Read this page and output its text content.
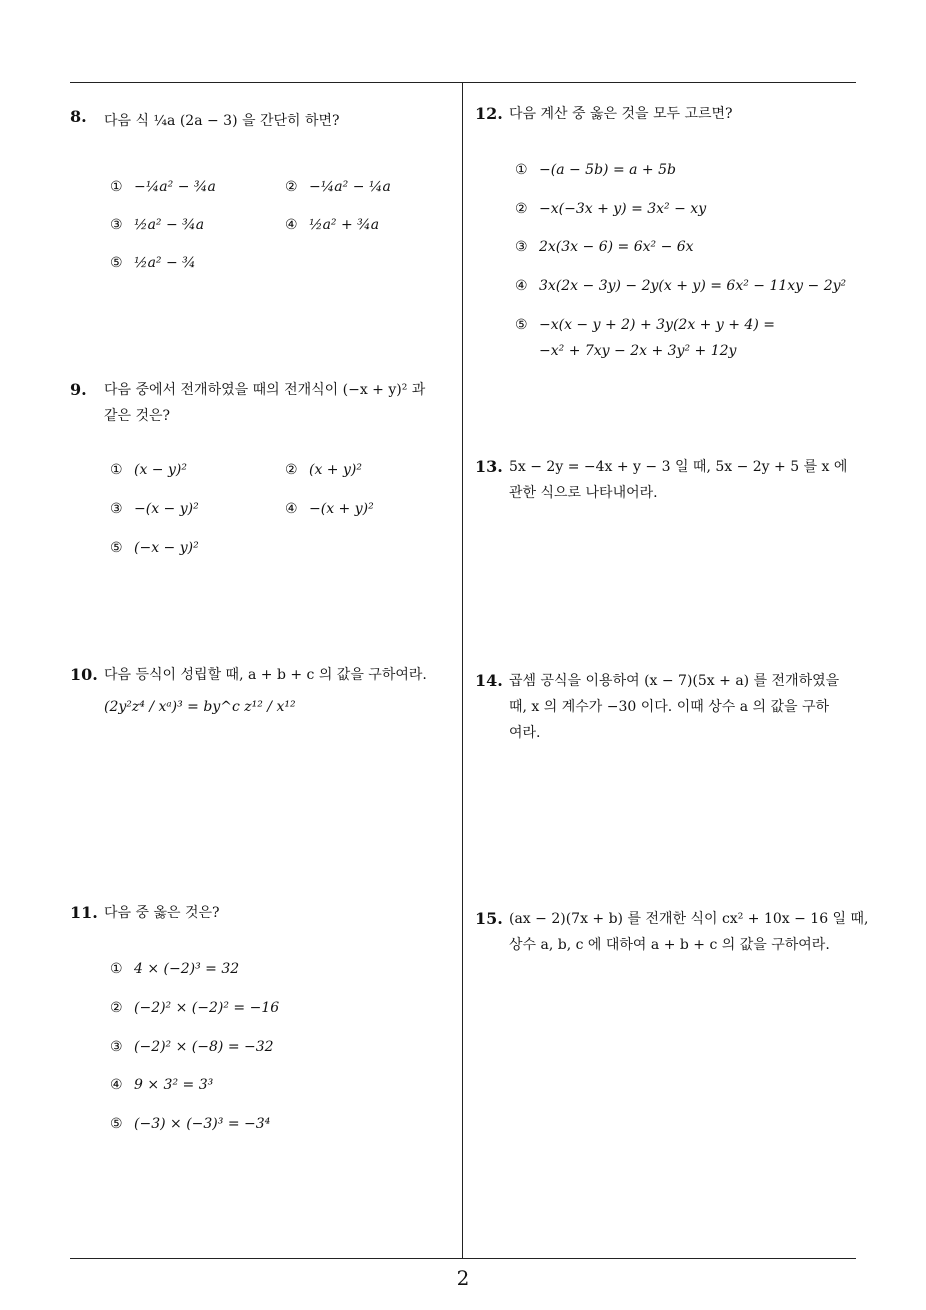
8. 다음 식 ¼a (2a − 3) 을 간단히 하면?
① −¼a² − ¾a	② −¼a² − ¼a
③ ½a² − ¾a	④ ½a² + ¾a
⑤ ½a² − ¾
9. 다음 중에서 전개하였을 때의 전개식이 (−x + y)² 과
같은 것은?
① (x − y)²	② (x + y)²
③ −(x − y)²	④ −(x + y)²
⑤ (−x − y)²
10. 다음 등식이 성립할 때, a + b + c 의 값을 구하여라.
(2y²z⁴ / xᵃ)³ = by^c z¹² / x¹²
11. 다음 중 옳은 것은?
① 4 × (−2)³ = 32
② (−2)² × (−2)² = −16
③ (−2)² × (−8) = −32
④ 9 × 3² = 3³
⑤ (−3) × (−3)³ = −3⁴
12. 다음 계산 중 옳은 것을 모두 고르면?
① −(a − 5b) = a + 5b
② −x(−3x + y) = 3x² − xy
③ 2x(3x − 6) = 6x² − 6x
④ 3x(2x − 3y) − 2y(x + y) = 6x² − 11xy − 2y²
⑤ −x(x − y + 2) + 3y(2x + y + 4) =
−x² + 7xy − 2x + 3y² + 12y
13. 5x − 2y = −4x + y − 3 일 때, 5x − 2y + 5 를 x 에
관한 식으로 나타내어라.
14. 곱셈 공식을 이용하여 (x − 7)(5x + a) 를 전개하였을
때, x 의 계수가 −30 이다. 이때 상수 a 의 값을 구하
여라.
15. (ax − 2)(7x + b) 를 전개한 식이 cx² + 10x − 16 일 때,
상수 a, b, c 에 대하여 a + b + c 의 값을 구하여라.
2
